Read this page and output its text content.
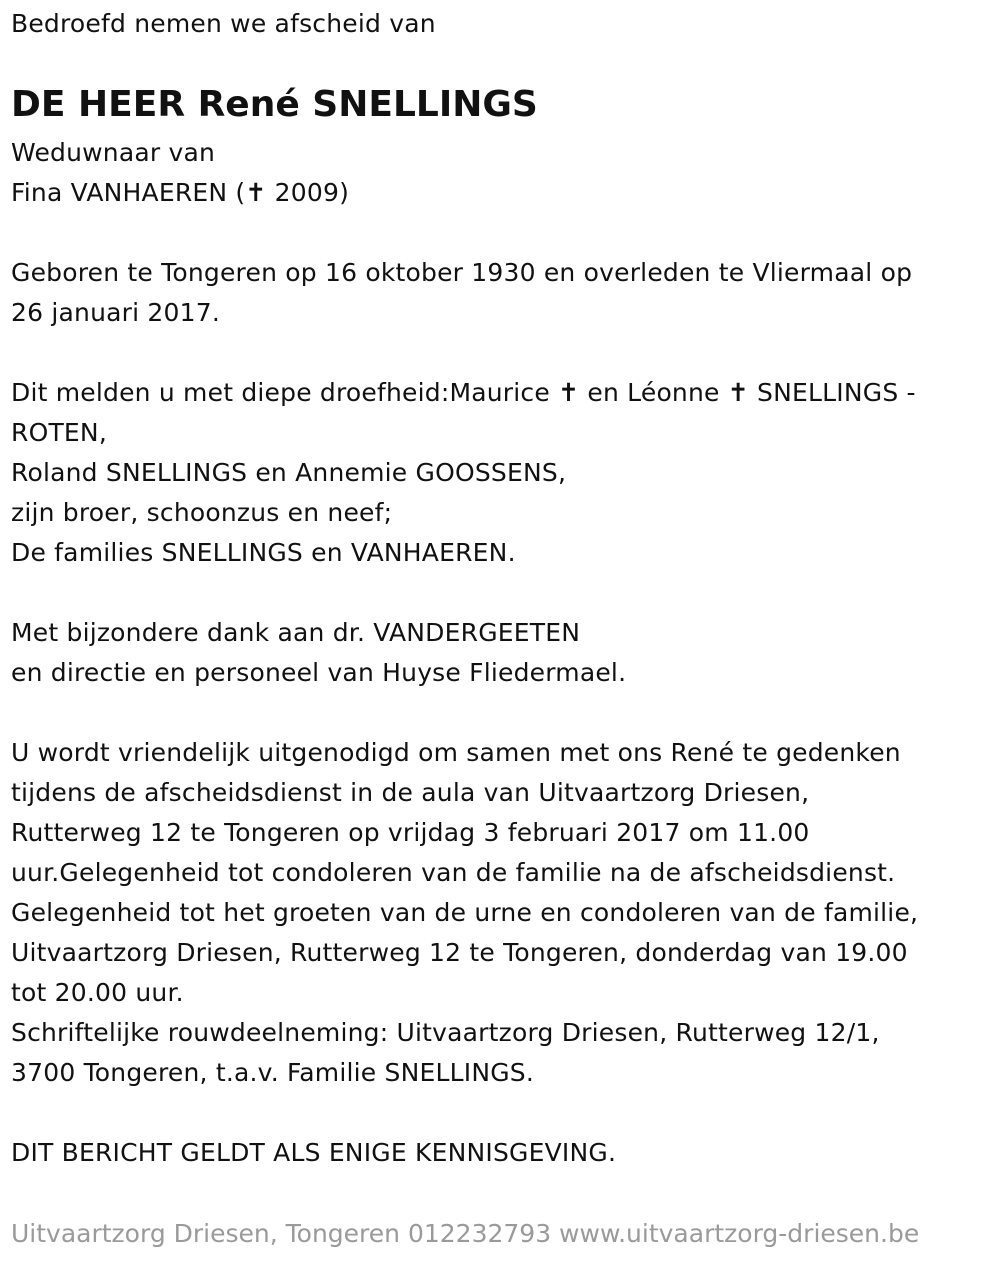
Bedroefd nemen we afscheid van
DE HEER René SNELLINGS
Weduwnaar van
Fina VANHAEREN (✝ 2009)
Geboren te Tongeren op 16 oktober 1930 en overleden te Vliermaal op
26 januari 2017.
Dit melden u met diepe droefheid:Maurice ✝ en Léonne ✝ SNELLINGS -
ROTEN,
Roland SNELLINGS en Annemie GOOSSENS,
zijn broer, schoonzus en neef;
De families SNELLINGS en VANHAEREN.
Met bijzondere dank aan dr. VANDERGEETEN
en directie en personeel van Huyse Fliedermael.
U wordt vriendelijk uitgenodigd om samen met ons René te gedenken
tijdens de afscheidsdienst in de aula van Uitvaartzorg Driesen,
Rutterweg 12 te Tongeren op vrijdag 3 februari 2017 om 11.00
uur.Gelegenheid tot condoleren van de familie na de afscheidsdienst.
Gelegenheid tot het groeten van de urne en condoleren van de familie,
Uitvaartzorg Driesen, Rutterweg 12 te Tongeren, donderdag van 19.00
tot 20.00 uur.
Schriftelijke rouwdeelneming: Uitvaartzorg Driesen, Rutterweg 12/1,
3700 Tongeren, t.a.v. Familie SNELLINGS.
DIT BERICHT GELDT ALS ENIGE KENNISGEVING.
Uitvaartzorg Driesen, Tongeren 012232793 www.uitvaartzorg-driesen.be
